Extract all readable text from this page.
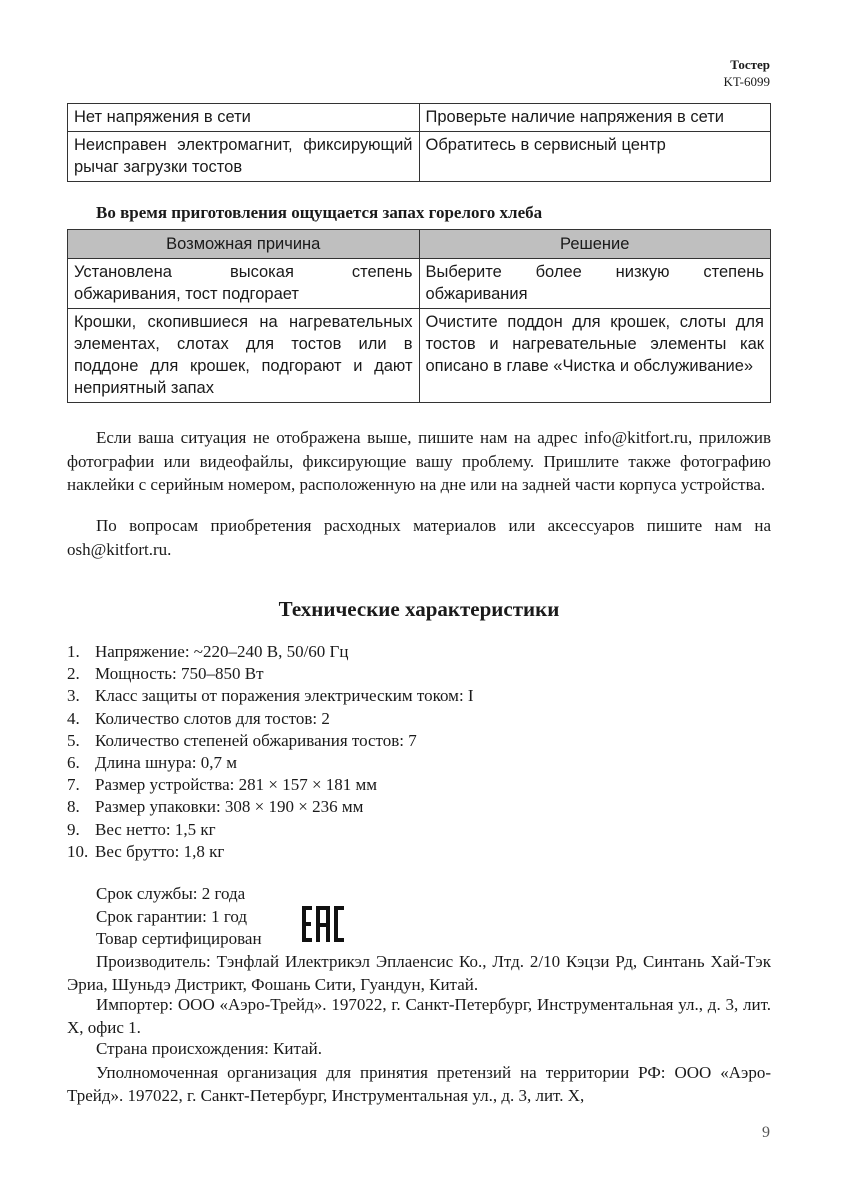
Тостер
KT-6099
Нет напряжения в сети	Проверьте наличие напряжения в сети
Неисправен электромагнит, фиксирующий рычаг загрузки тостов	Обратитесь в сервисный центр
Во время приготовления ощущается запах горелого хлеба
Возможная причина	Решение
Установлена высокая степень обжаривания, тост подгорает	Выберите более низкую степень обжаривания
Крошки, скопившиеся на нагревательных элементах, слотах для тостов или в поддоне для крошек, подгорают и дают неприятный запах	Очистите поддон для крошек, слоты для тостов и нагревательные элементы как описано в главе «Чистка и обслуживание»

Если ваша ситуация не отображена выше, пишите нам на адрес info@kitfort.ru, приложив фотографии или видеофайлы, фиксирующие вашу проблему. Пришлите также фотографию наклейки с серийным номером, расположенную на дне или на задней части корпуса устройства.

По вопросам приобретения расходных материалов или аксессуаров пишите нам на osh@kitfort.ru.

Технические характеристики
1. Напряжение: ~220–240 В, 50/60 Гц
2. Мощность: 750–850 Вт
3. Класс защиты от поражения электрическим током: I
4. Количество слотов для тостов: 2
5. Количество степеней обжаривания тостов: 7
6. Длина шнура: 0,7 м
7. Размер устройства: 281 × 157 × 181 мм
8. Размер упаковки: 308 × 190 × 236 мм
9. Вес нетто: 1,5 кг
10. Вес брутто: 1,8 кг
Срок службы: 2 года
Срок гарантии: 1 год
Товар сертифицирован

Производитель: Тэнфлай Илектрикэл Эплаенсис Ко., Лтд. 2/10 Кэцзи Рд, Синтань Хай-Тэк Эриа, Шуньдэ Дистрикт, Фошань Сити, Гуандун, Китай.

Импортер: ООО «Аэро-Трейд». 197022, г. Санкт-Петербург, Инструментальная ул., д. 3, лит. Х, офис 1.

Страна происхождения: Китай.

Уполномоченная организация для принятия претензий на территории РФ: ООО «Аэро-Трейд». 197022, г. Санкт-Петербург, Инструментальная ул., д. 3, лит. Х,

9
